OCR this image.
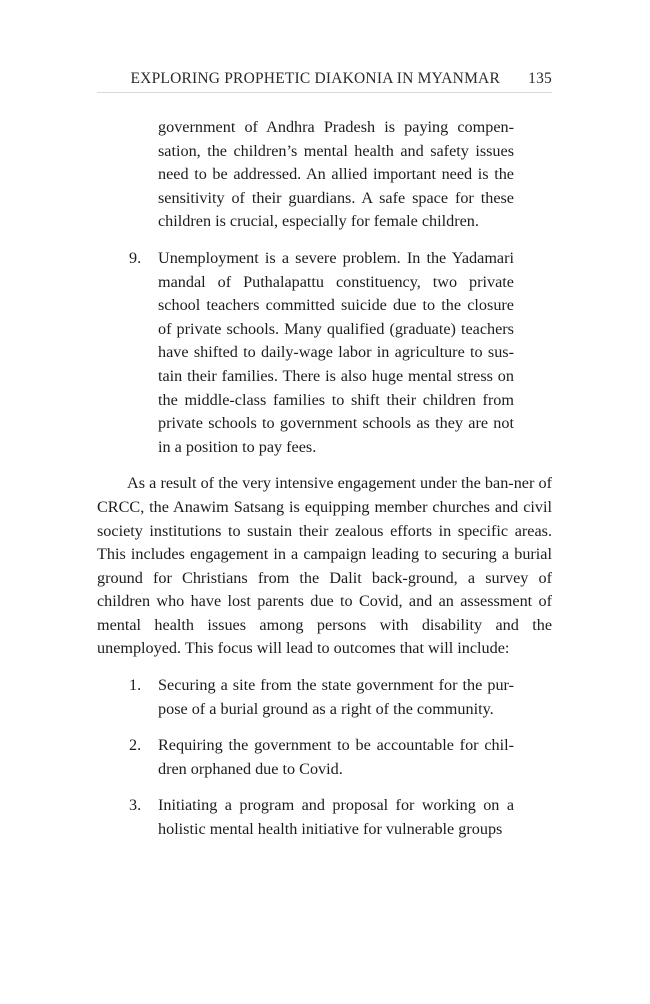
EXPLORING PROPHETIC DIAKONIA IN MYANMAR 135
government of Andhra Pradesh is paying compen-sation, the children’s mental health and safety issues need to be addressed. An allied important need is the sensitivity of their guardians. A safe space for these children is crucial, especially for female children.
9. Unemployment is a severe problem. In the Yadamari mandal of Puthalapattu constituency, two private school teachers committed suicide due to the closure of private schools. Many qualified (graduate) teachers have shifted to daily-wage labor in agriculture to sus-tain their families. There is also huge mental stress on the middle-class families to shift their children from private schools to government schools as they are not in a position to pay fees.

As a result of the very intensive engagement under the ban-ner of CRCC, the Anawim Satsang is equipping member churches and civil society institutions to sustain their zealous efforts in specific areas. This includes engagement in a campaign leading to securing a burial ground for Christians from the Dalit back-ground, a survey of children who have lost parents due to Covid, and an assessment of mental health issues among persons with disability and the unemployed. This focus will lead to outcomes that will include:

1. Securing a site from the state government for the pur-pose of a burial ground as a right of the community.
2. Requiring the government to be accountable for chil-dren orphaned due to Covid.
3. Initiating a program and proposal for working on a holistic mental health initiative for vulnerable groups
